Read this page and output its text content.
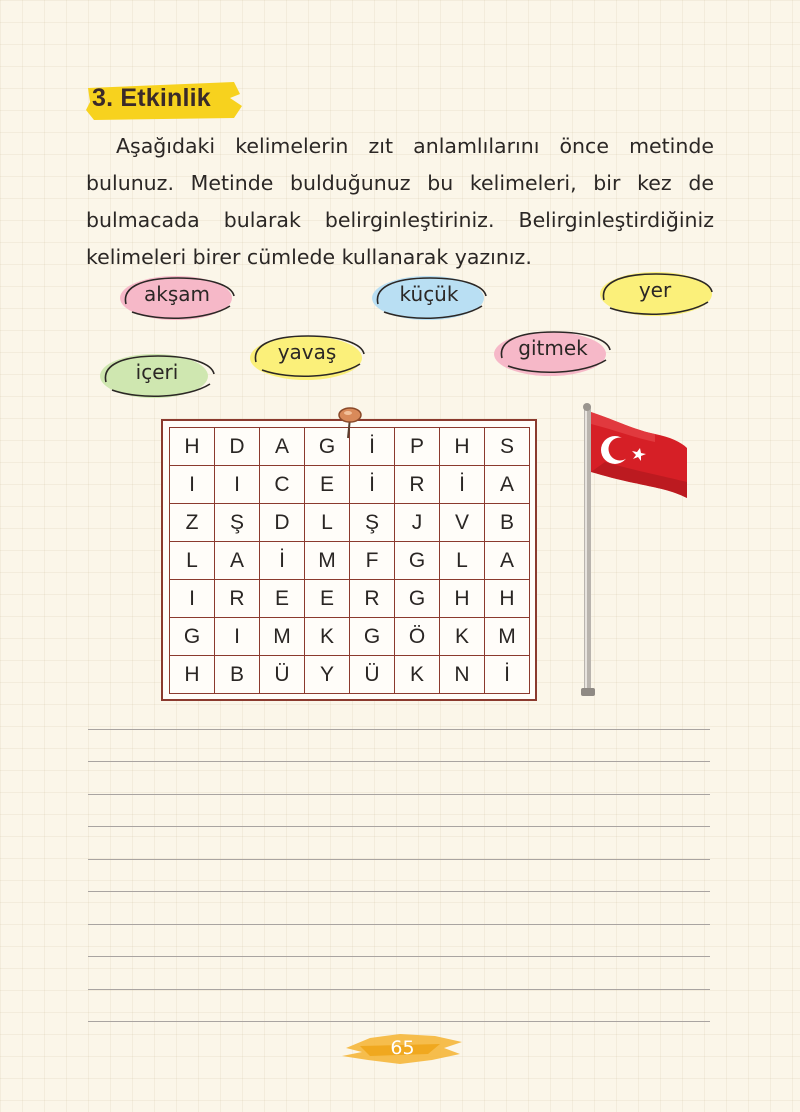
3. Etkinlik
Aşağıdaki kelimelerin zıt anlamlılarını önce metinde bulunuz. Metinde bulduğunuz bu kelimeleri, bir kez de bulmacada bularak belirginleştiriniz. Belirginleştirdiğiniz kelimeleri birer cümlede kullanarak yazınız.
akşam	küçük	yer
yavaş	gitmek
içeri
H	D	A	G	İ	P	H	S
I	I	C	E	İ	R	İ	A
Z	Ş	D	L	Ş	J	V	B
L	A	İ	M	F	G	L	A
I	R	E	E	R	G	H	H
G	I	M	K	G	Ö	K	M
H	B	Ü	Y	Ü	K	N	İ
65
